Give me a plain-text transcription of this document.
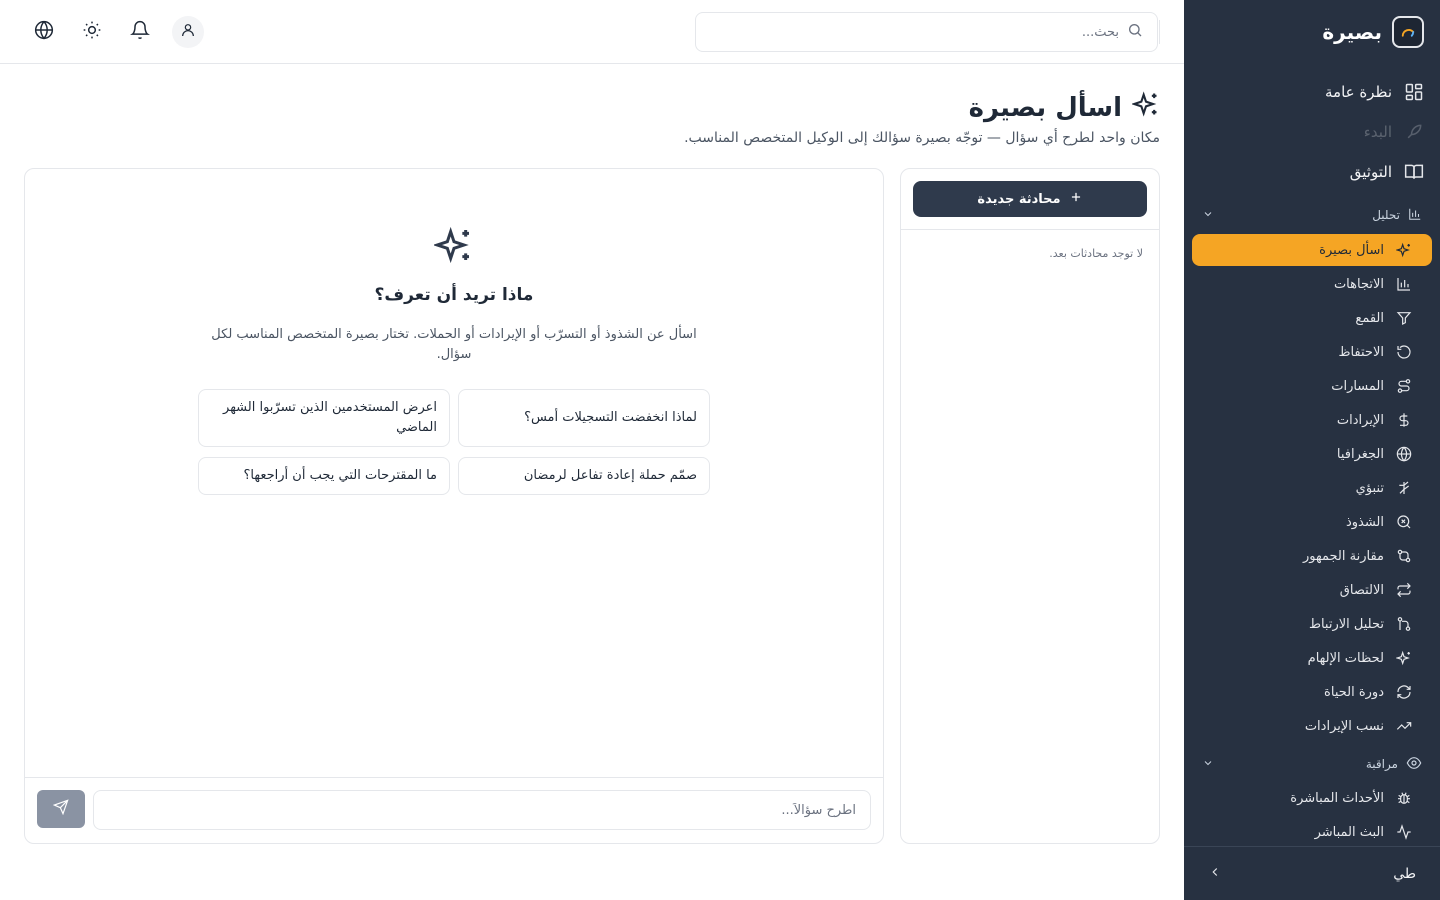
بصيرة
نظرة عامة
البدء
التوثيق
تحليل
اسأل بصيرة
الاتجاهات
القمع
الاحتفاظ
المسارات
الإيرادات
الجغرافيا
تنبؤي
الشذوذ
مقارنة الجمهور
الالتصاق
تحليل الارتباط
لحظات الإلهام
دورة الحياة
نسب الإيرادات
مراقبة
الأحداث المباشرة
البث المباشر
طي
بحث...
اسأل بصيرة

مكان واحد لطرح أي سؤال — توجّه بصيرة سؤالك إلى الوكيل المتخصص المناسب.

محادثة جديدة

لا توجد محادثات بعد.

ماذا تريد أن تعرف؟

اسأل عن الشذوذ أو التسرّب أو الإيرادات أو الحملات. تختار بصيرة المتخصص المناسب لكل سؤال.

لماذا انخفضت التسجيلات أمس؟
اعرض المستخدمين الذين تسرّبوا الشهر الماضي
صمّم حملة إعادة تفاعل لرمضان
ما المقترحات التي يجب أن أراجعها؟
اطرح سؤالاً...
